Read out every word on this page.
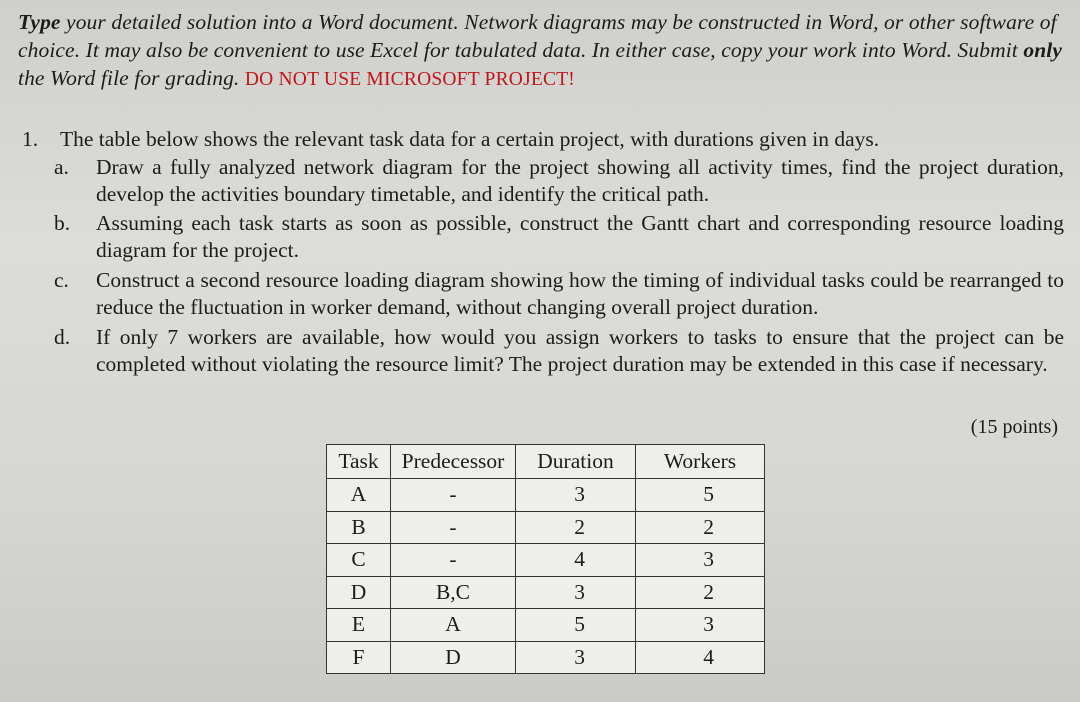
Type your detailed solution into a Word document. Network diagrams may be constructed in Word, or other software of choice. It may also be convenient to use Excel for tabulated data. In either case, copy your work into Word. Submit only the Word file for grading. DO NOT USE MICROSOFT PROJECT!
1. The table below shows the relevant task data for a certain project, with durations given in days.
a.	Draw a fully analyzed network diagram for the project showing all activity times, find the project duration, develop the activities boundary timetable, and identify the critical path.
b.	Assuming each task starts as soon as possible, construct the Gantt chart and corresponding resource loading diagram for the project.
c.	Construct a second resource loading diagram showing how the timing of individual tasks could be rearranged to reduce the fluctuation in worker demand, without changing overall project duration.
d.	If only 7 workers are available, how would you assign workers to tasks to ensure that the project can be completed without violating the resource limit? The project duration may be extended in this case if necessary.
(15 points)
Task	Predecessor	Duration	Workers
A	-	3	5
B	-	2	2
C	-	4	3
D	B,C	3	2
E	A	5	3
F	D	3	4
